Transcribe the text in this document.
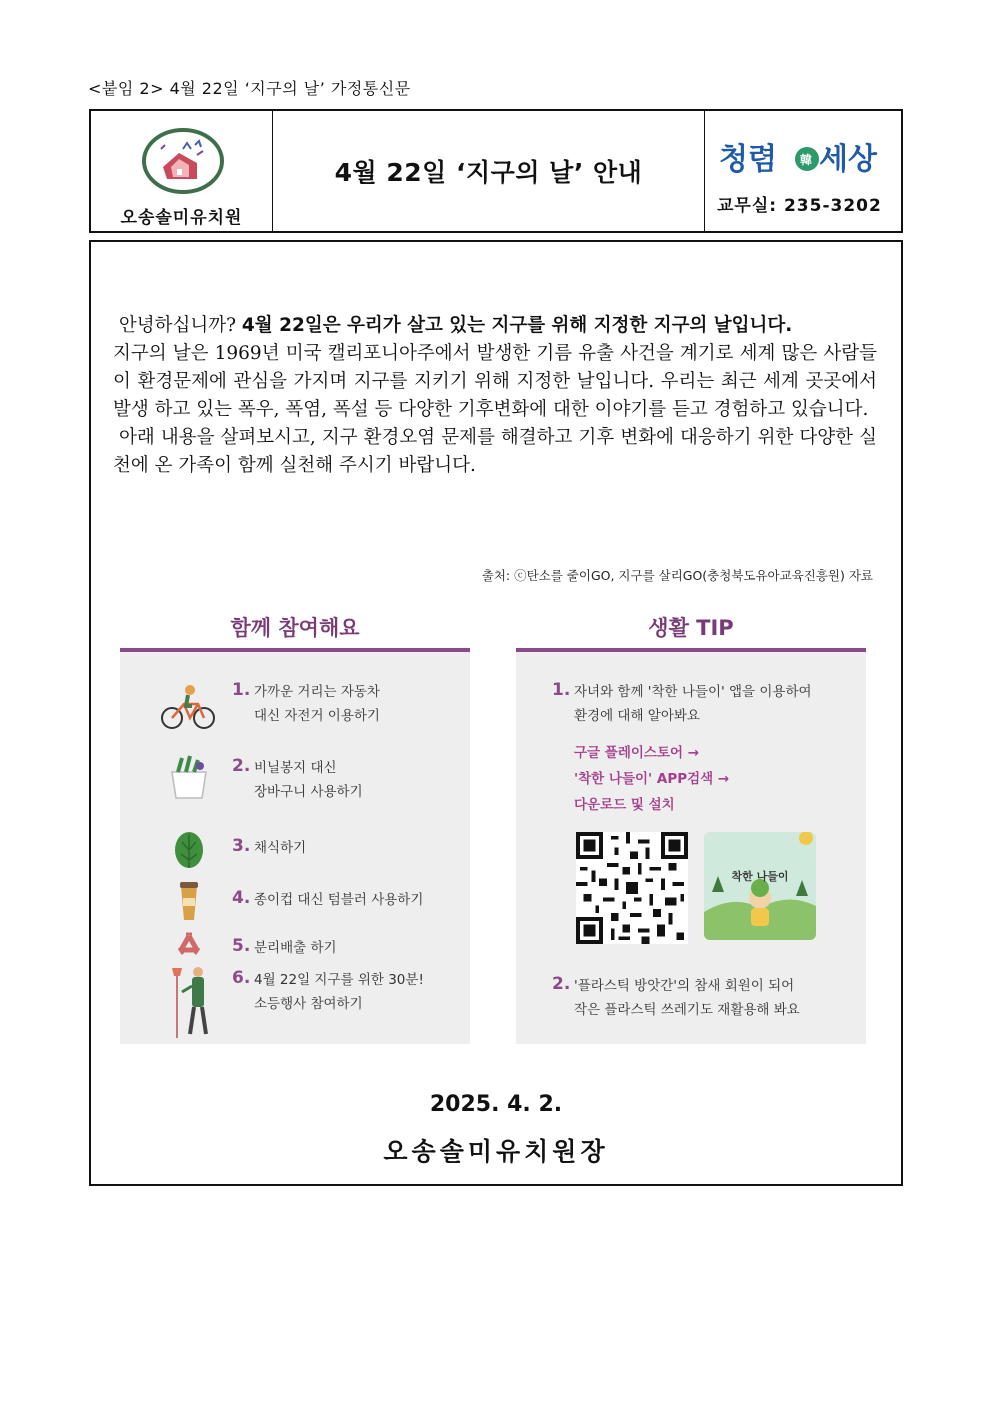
<붙임 2> 4월 22일 ‘지구의 날’ 가정통신문
오송솔미유치원
4월 22일 ‘지구의 날’ 안내	청렴 韓 세상
교무실: 235-3202

안녕하십니까? 4월 22일은 우리가 살고 있는 지구를 위해 지정한 지구의 날입니다.

지구의 날은 1969년 미국 캘리포니아주에서 발생한 기름 유출 사건을 계기로 세계 많은 사람들이 환경문제에 관심을 가지며 지구를 지키기 위해 지정한 날입니다. 우리는 최근 세계 곳곳에서 발생 하고 있는 폭우, 폭염, 폭설 등 다양한 기후변화에 대한 이야기를 듣고 경험하고 있습니다.

아래 내용을 살펴보시고, 지구 환경오염 문제를 해결하고 기후 변화에 대응하기 위한 다양한 실천에 온 가족이 함께 실천해 주시기 바랍니다.

출처: ⓒ탄소를 줄이GO, 지구를 살리GO(충청북도유아교육진흥원) 자료
함께 참여해요
1. 가까운 거리는 자동차
대신 자전거 이용하기
2. 비닐봉지 대신
장바구니 사용하기
3. 채식하기
4. 종이컵 대신 텀블러 사용하기
5. 분리배출 하기
6. 4월 22일 지구를 위한 30분!
소등행사 참여하기
생활 TIP
1. 자녀와 함께 '착한 나들이' 앱을 이용하여
환경에 대해 알아봐요
구글 플레이스토어 →
'착한 나들이' APP검색 →
다운로드 및 설치
착한 나들이
2. '플라스틱 방앗간'의 참새 회원이 되어
작은 플라스틱 쓰레기도 재활용해 봐요
2025. 4. 2.
오송솔미유치원장
